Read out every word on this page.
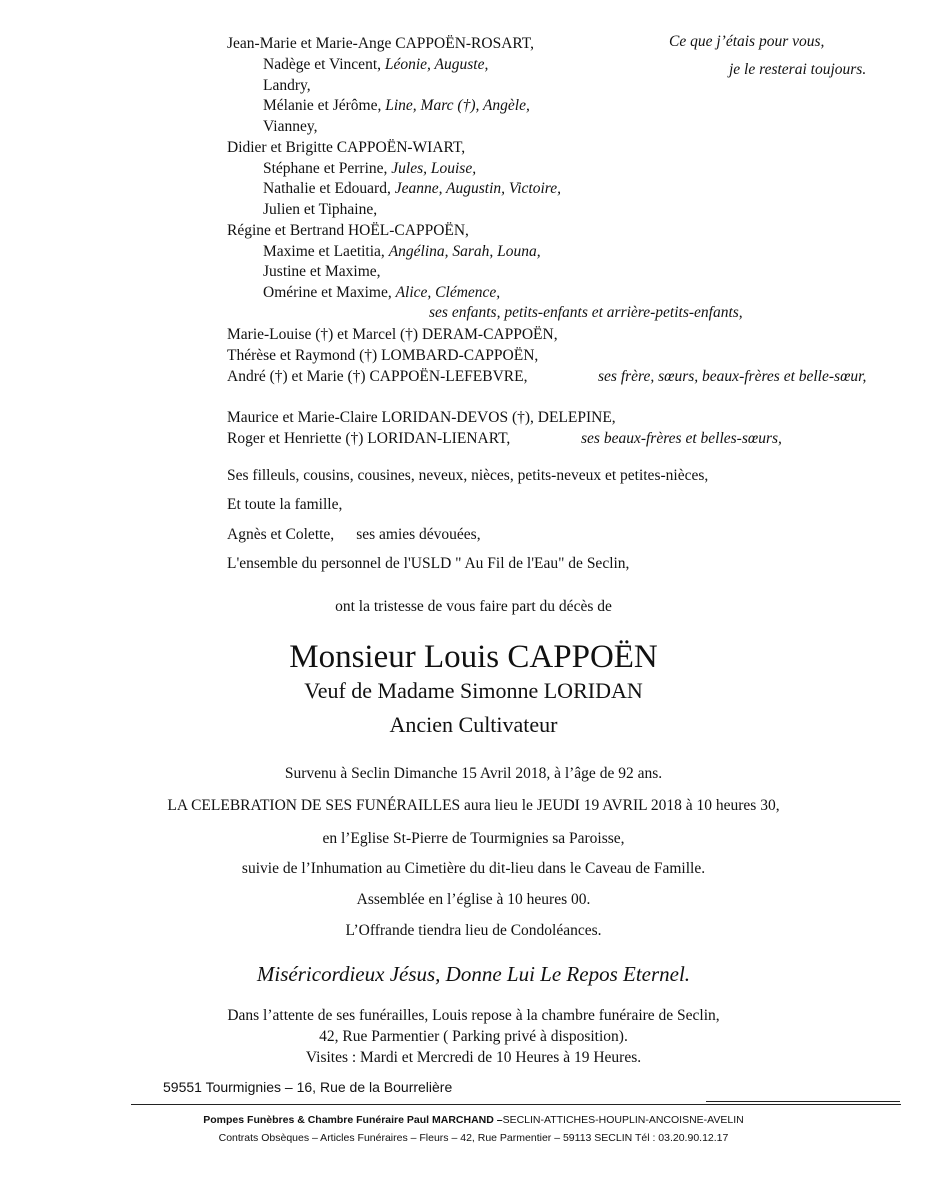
Ce que j’étais pour vous,
je le resterai toujours.
Jean-Marie et Marie-Ange CAPPOËN-ROSART,
Nadège et Vincent, Léonie, Auguste,
Landry,
Mélanie et Jérôme, Line, Marc (†), Angèle,
Vianney,
Didier et Brigitte CAPPOËN-WIART,
Stéphane et Perrine, Jules, Louise,
Nathalie et Edouard, Jeanne, Augustin, Victoire,
Julien et Tiphaine,
Régine et Bertrand HOËL-CAPPOËN,
Maxime et Laetitia, Angélina, Sarah, Louna,
Justine et Maxime,
Omérine et Maxime, Alice, Clémence,
ses enfants, petits-enfants et arrière-petits-enfants,
Marie-Louise (†) et Marcel (†) DERAM-CAPPOËN,
Thérèse et Raymond (†) LOMBARD-CAPPOËN,
André (†) et Marie (†) CAPPOËN-LEFEBVRE,	ses frère, sœurs, beaux-frères et belle-sœur,
Maurice et Marie-Claire LORIDAN-DEVOS (†), DELEPINE,
Roger et Henriette (†) LORIDAN-LIENART,	ses beaux-frères et belles-sœurs,
Ses filleuls, cousins, cousines, neveux, nièces, petits-neveux et petites-nièces,
Et toute la famille,
Agnès et Colette, ses amies dévouées,
L'ensemble du personnel de l'USLD " Au Fil de l'Eau" de Seclin,
ont la tristesse de vous faire part du décès de
Monsieur Louis CAPPOËN
Veuf de Madame Simonne LORIDAN
Ancien Cultivateur
Survenu à Seclin Dimanche 15 Avril 2018, à l’âge de 92 ans.
LA CELEBRATION DE SES FUNÉRAILLES aura lieu le JEUDI 19 AVRIL 2018 à 10 heures 30,
en l’Eglise St-Pierre de Tourmignies sa Paroisse,
suivie de l’Inhumation au Cimetière du dit-lieu dans le Caveau de Famille.
Assemblée en l’église à 10 heures 00.
L’Offrande tiendra lieu de Condoléances.
Miséricordieux Jésus, Donne Lui Le Repos Eternel.
Dans l’attente de ses funérailles, Louis repose à la chambre funéraire de Seclin,
42, Rue Parmentier ( Parking privé à disposition).
Visites : Mardi et Mercredi de 10 Heures à 19 Heures.
59551 Tourmignies – 16, Rue de la Bourrelière
Pompes Funèbres & Chambre Funéraire Paul MARCHAND –SECLIN-ATTICHES-HOUPLIN-ANCOISNE-AVELIN
Contrats Obsèques – Articles Funéraires – Fleurs – 42, Rue Parmentier – 59113 SECLIN Tél : 03.20.90.12.17
